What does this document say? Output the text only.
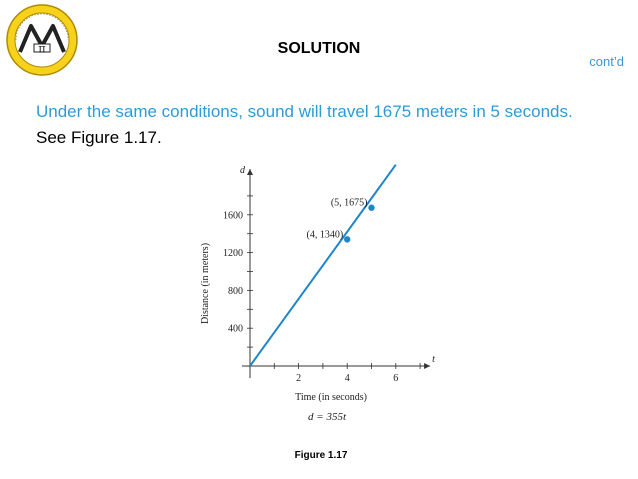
π	SOLUTION
cont’d
Under the same conditions, sound will travel 1675 meters in 5 seconds. See Figure 1.17.
t
d
2	4	6
400
800
1200
1600
Time (in seconds)
Distance (in meters)
(4, 1340)
(5, 1675)
d = 355t
Figure 1.17
